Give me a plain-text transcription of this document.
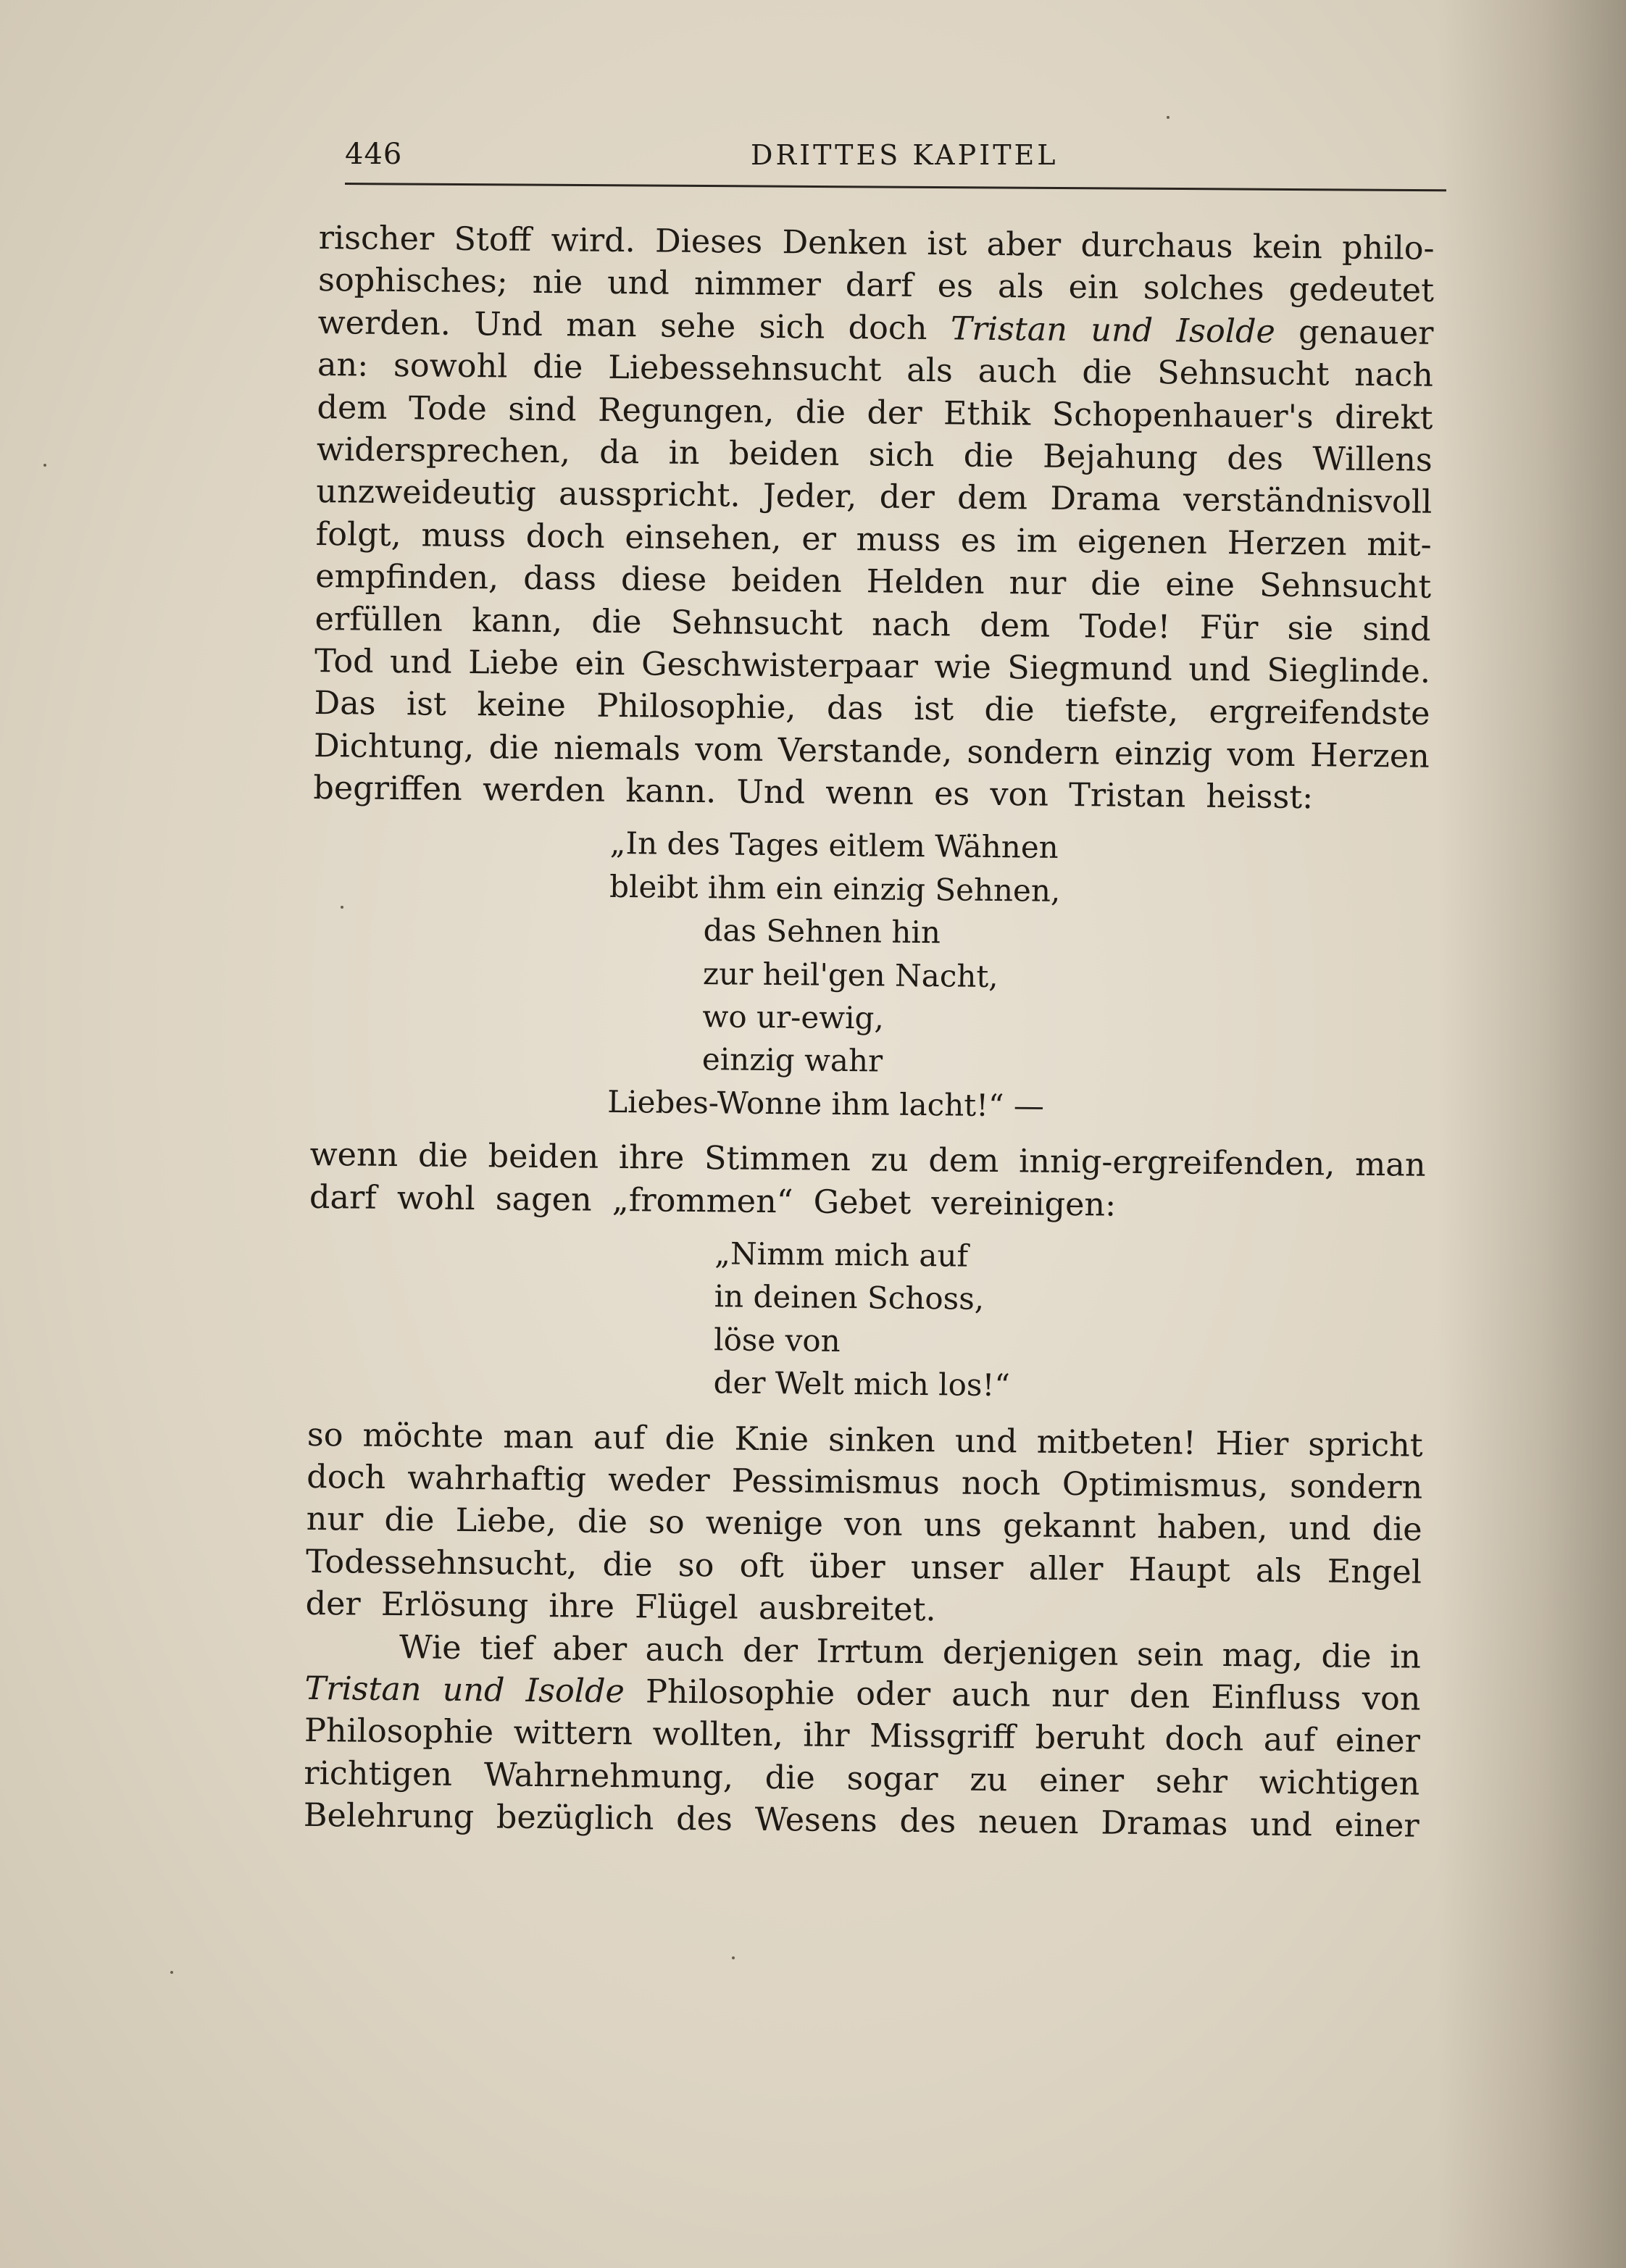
446	DRITTES KAPITEL
rischer Stoff wird. Dieses Denken ist aber durchaus kein philo-
sophisches; nie und nimmer darf es als ein solches gedeutet
werden. Und man sehe sich doch Tristan und Isolde genauer
an: sowohl die Liebessehnsucht als auch die Sehnsucht nach
dem Tode sind Regungen, die der Ethik Schopenhauer's direkt
widersprechen, da in beiden sich die Bejahung des Willens
unzweideutig ausspricht. Jeder, der dem Drama verständnisvoll
folgt, muss doch einsehen, er muss es im eigenen Herzen mit-
empfinden, dass diese beiden Helden nur die eine Sehnsucht
erfüllen kann, die Sehnsucht nach dem Tode! Für sie sind
Tod und Liebe ein Geschwisterpaar wie Siegmund und Sieglinde.
Das ist keine Philosophie, das ist die tiefste, ergreifendste
Dichtung, die niemals vom Verstande, sondern einzig vom Herzen
begriffen werden kann. Und wenn es von Tristan heisst:
„In des Tages eitlem Wähnen
bleibt ihm ein einzig Sehnen,
das Sehnen hin
zur heil'gen Nacht,
wo ur-ewig,
einzig wahr
Liebes-Wonne ihm lacht!“ —
wenn die beiden ihre Stimmen zu dem innig-ergreifenden, man
darf wohl sagen „frommen“ Gebet vereinigen:
„Nimm mich auf
in deinen Schoss,
löse von
der Welt mich los!“
so möchte man auf die Knie sinken und mitbeten! Hier spricht
doch wahrhaftig weder Pessimismus noch Optimismus, sondern
nur die Liebe, die so wenige von uns gekannt haben, und die
Todessehnsucht, die so oft über unser aller Haupt als Engel
der Erlösung ihre Flügel ausbreitet.
Wie tief aber auch der Irrtum derjenigen sein mag, die in
Tristan und Isolde Philosophie oder auch nur den Einfluss von
Philosophie wittern wollten, ihr Missgriff beruht doch auf einer
richtigen Wahrnehmung, die sogar zu einer sehr wichtigen
Belehrung bezüglich des Wesens des neuen Dramas und einer
